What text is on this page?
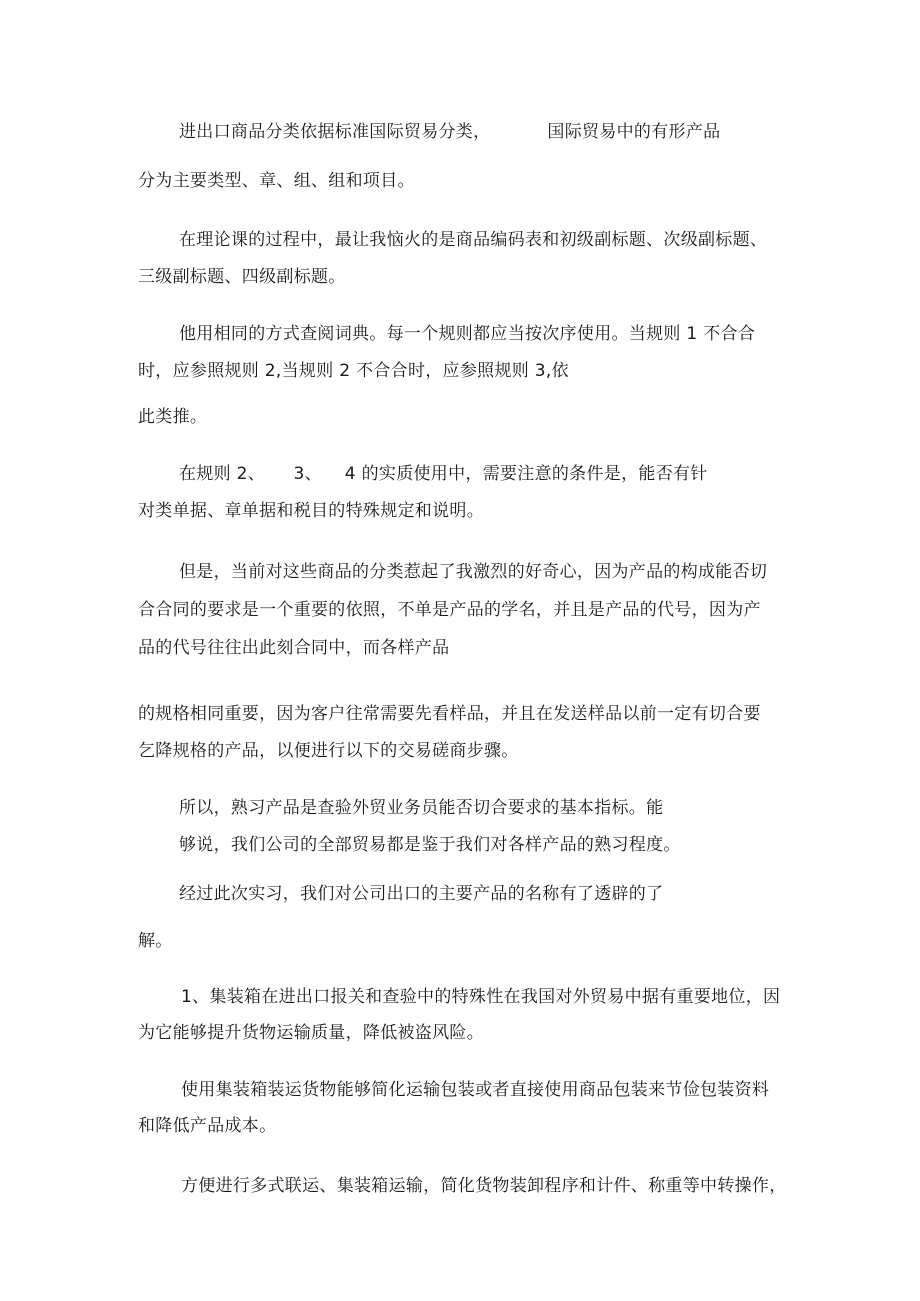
进出口商品分类依据标准国际贸易分类，          国际贸易中的有形产品
分为主要类型、章、组、组和项目。
在理论课的过程中，最让我恼火的是商品编码表和初级副标题、次级副标题、
三级副标题、四级副标题。
他用相同的方式查阅词典。每一个规则都应当按次序使用。当规则 1 不合合
时，应参照规则 2,当规则 2 不合合时，应参照规则 3,依
此类推。
在规则 2、     3、    4 的实质使用中，需要注意的条件是，能否有针
对类单据、章单据和税目的特殊规定和说明。
但是，当前对这些商品的分类惹起了我激烈的好奇心，因为产品的构成能否切
合合同的要求是一个重要的依照，不单是产品的学名，并且是产品的代号，因为产
品的代号往往出此刻合同中，而各样产品
的规格相同重要，因为客户往常需要先看样品，并且在发送样品以前一定有切合要
乞降规格的产品，以便进行以下的交易磋商步骤。
所以，熟习产品是查验外贸业务员能否切合要求的基本指标。能
够说，我们公司的全部贸易都是鉴于我们对各样产品的熟习程度。
经过此次实习，我们对公司出口的主要产品的名称有了透辟的了
解。
1、集装箱在进出口报关和查验中的特殊性在我国对外贸易中据有重要地位，因
为它能够提升货物运输质量，降低被盗风险。
使用集装箱装运货物能够简化运输包装或者直接使用商品包装来节俭包装资料
和降低产品成本。
方便进行多式联运、集装箱运输，简化货物装卸程序和计件、称重等中转操作，
